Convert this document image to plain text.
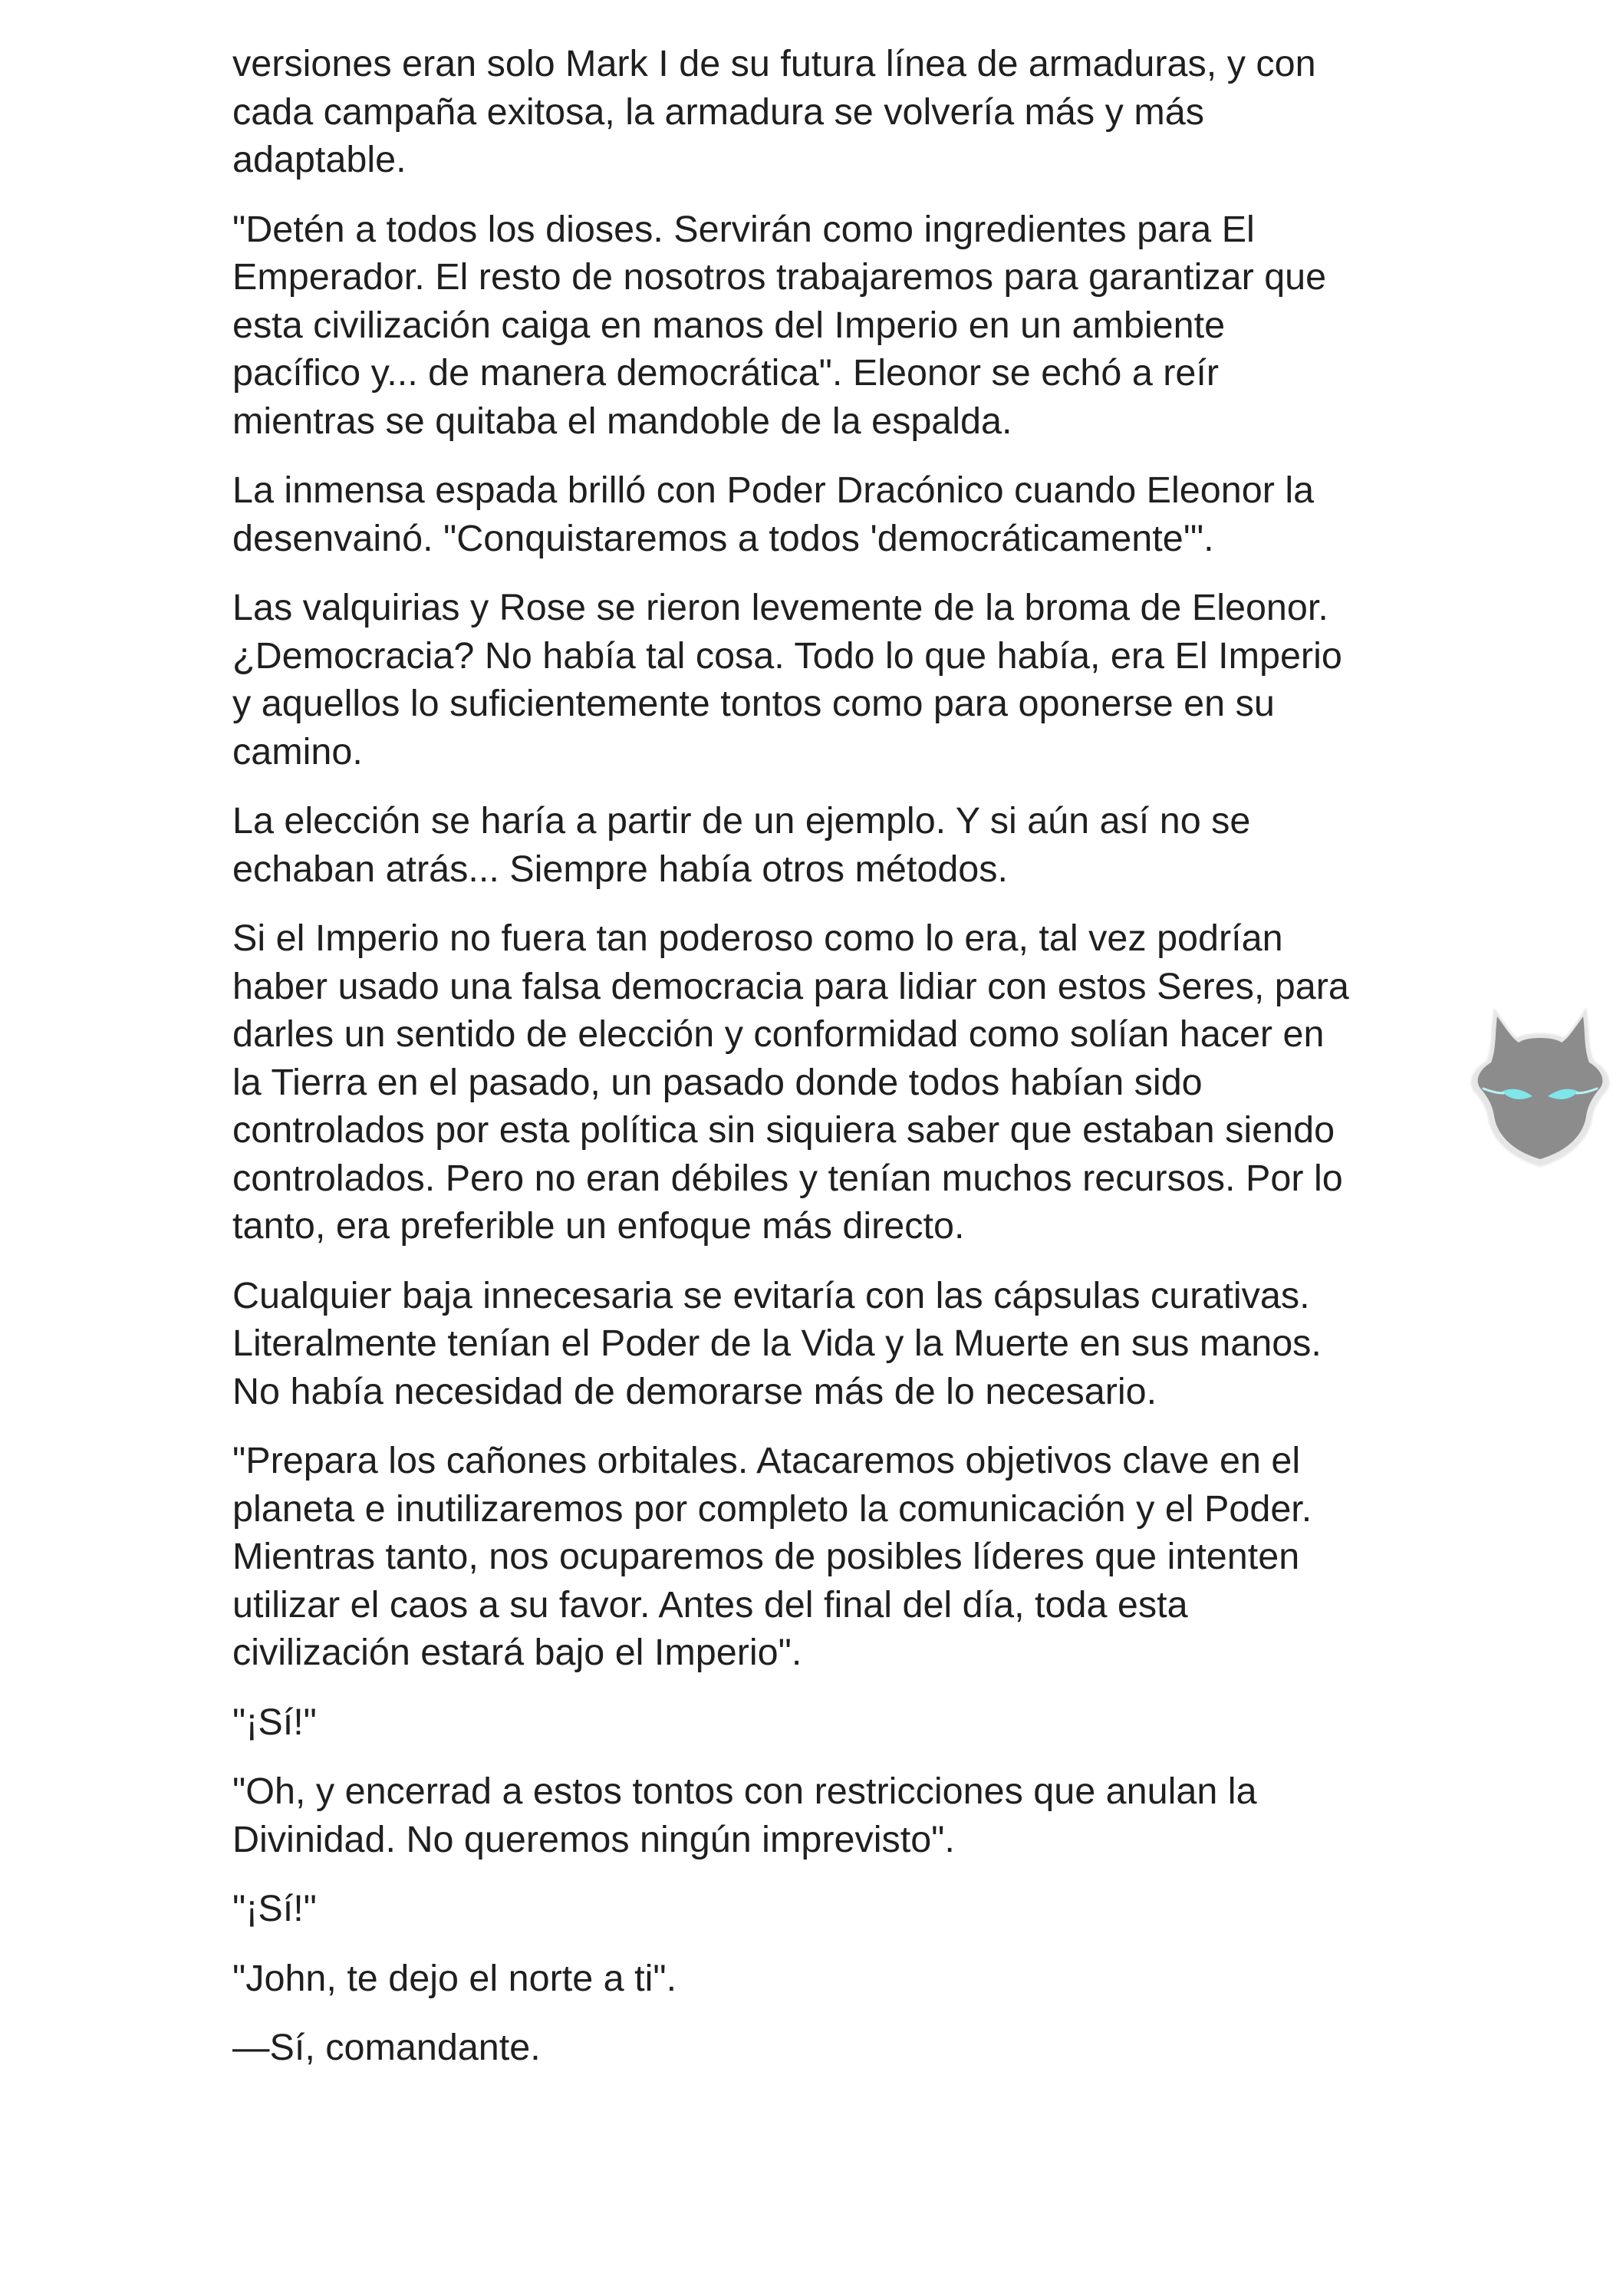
versiones eran solo Mark I de su futura línea de armaduras, y con
cada campaña exitosa, la armadura se volvería más y más
adaptable.

"Detén a todos los dioses. Servirán como ingredientes para El
Emperador. El resto de nosotros trabajaremos para garantizar que
esta civilización caiga en manos del Imperio en un ambiente
pacífico y... de manera democrática". Eleonor se echó a reír
mientras se quitaba el mandoble de la espalda.

La inmensa espada brilló con Poder Dracónico cuando Eleonor la
desenvainó. "Conquistaremos a todos 'democráticamente'".

Las valquirias y Rose se rieron levemente de la broma de Eleonor.
¿Democracia? No había tal cosa. Todo lo que había, era El Imperio
y aquellos lo suficientemente tontos como para oponerse en su
camino.

La elección se haría a partir de un ejemplo. Y si aún así no se
echaban atrás... Siempre había otros métodos.

Si el Imperio no fuera tan poderoso como lo era, tal vez podrían
haber usado una falsa democracia para lidiar con estos Seres, para
darles un sentido de elección y conformidad como solían hacer en
la Tierra en el pasado, un pasado donde todos habían sido
controlados por esta política sin siquiera saber que estaban siendo
controlados. Pero no eran débiles y tenían muchos recursos. Por lo
tanto, era preferible un enfoque más directo.

Cualquier baja innecesaria se evitaría con las cápsulas curativas.
Literalmente tenían el Poder de la Vida y la Muerte en sus manos.
No había necesidad de demorarse más de lo necesario.

"Prepara los cañones orbitales. Atacaremos objetivos clave en el
planeta e inutilizaremos por completo la comunicación y el Poder.
Mientras tanto, nos ocuparemos de posibles líderes que intenten
utilizar el caos a su favor. Antes del final del día, toda esta
civilización estará bajo el Imperio".

"¡Sí!"

"Oh, y encerrad a estos tontos con restricciones que anulan la
Divinidad. No queremos ningún imprevisto".

"¡Sí!"

"John, te dejo el norte a ti".

—Sí, comandante.
